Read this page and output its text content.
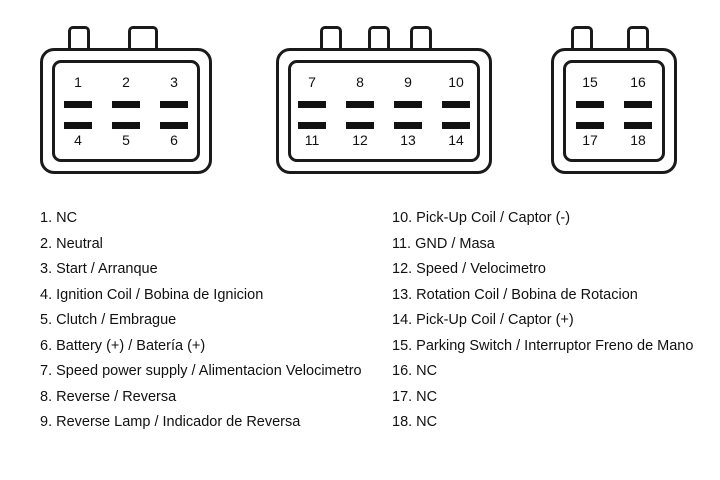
1	2	3
4	5	6
7	8	9	10
11	12	13	14
15	16
17	18
1. NC
2. Neutral
3. Start / Arranque
4. Ignition Coil / Bobina de Ignicion
5. Clutch / Embrague
6. Battery (+) / Batería (+)
7. Speed power supply / Alimentacion Velocimetro
8. Reverse / Reversa
9. Reverse Lamp / Indicador de Reversa
10. Pick-Up Coil / Captor (-)
11. GND / Masa
12. Speed / Velocimetro
13. Rotation Coil / Bobina de Rotacion
14. Pick-Up Coil / Captor (+)
15. Parking Switch / Interruptor Freno de Mano
16. NC
17. NC
18. NC
